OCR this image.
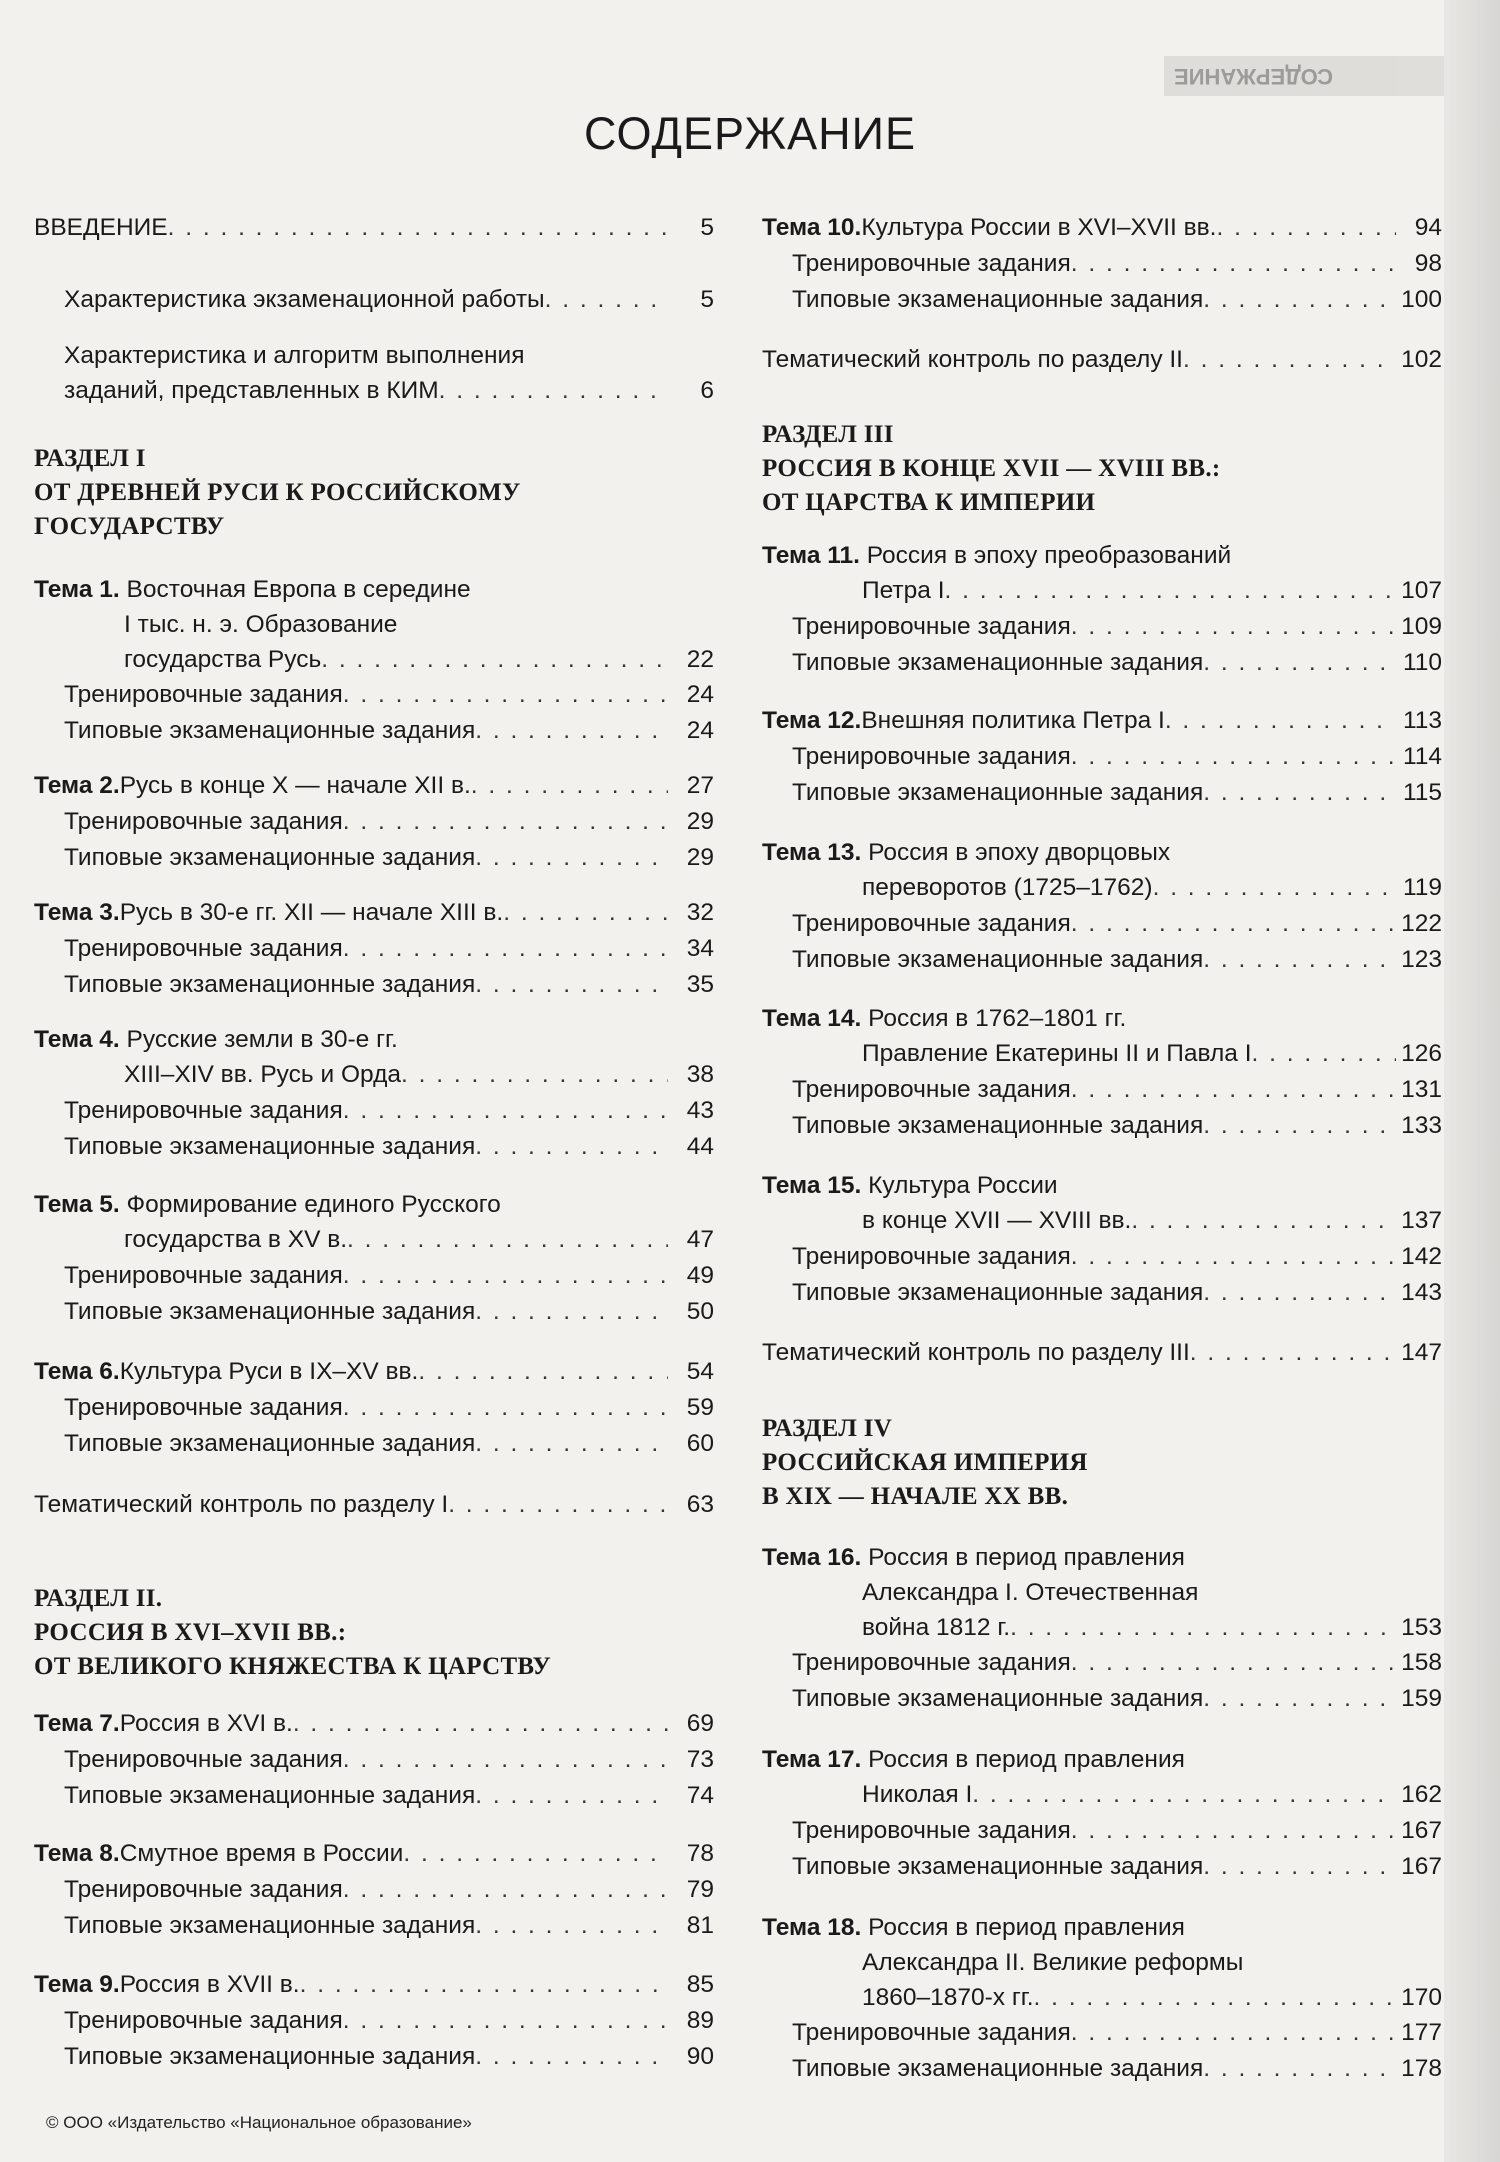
СОДЕРЖАНИЕ
СОДЕРЖАНИЕ
ВВЕДЕНИЕ . . .	5
Характеристика экзаменационной работы . . .	5
Характеристика и алгоритм выполнения
заданий, представленных в КИМ . . .	6
РАЗДЕЛ I
ОТ ДРЕВНЕЙ РУСИ К РОССИЙСКОМУ
ГОСУДАРСТВУ
Тема 1. Восточная Европа в середине
I тыс. н. э. Образование
государства Русь . . .	22
Тренировочные задания . . .	24
Типовые экзаменационные задания . . .	24
Тема 2. Русь в конце X — начале XII в. . . .	27
Тренировочные задания . . .	29
Типовые экзаменационные задания . . .	29
Тема 3. Русь в 30-е гг. XII — начале XIII в. . . .	32
Тренировочные задания . . .	34
Типовые экзаменационные задания . . .	35
Тема 4. Русские земли в 30-е гг.
XIII–XIV вв. Русь и Орда . . .	38
Тренировочные задания . . .	43
Типовые экзаменационные задания . . .	44
Тема 5. Формирование единого Русского
государства в XV в. . . .	47
Тренировочные задания . . .	49
Типовые экзаменационные задания . . .	50
Тема 6. Культура Руси в IX–XV вв. . . .	54
Тренировочные задания . . .	59
Типовые экзаменационные задания . . .	60
Тематический контроль по разделу I . . .	63
РАЗДЕЛ II.
РОССИЯ В XVI–XVII ВВ.:
ОТ ВЕЛИКОГО КНЯЖЕСТВА К ЦАРСТВУ
Тема 7. Россия в XVI в. . . .	69
Тренировочные задания . . .	73
Типовые экзаменационные задания . . .	74
Тема 8. Смутное время в России . . .	78
Тренировочные задания . . .	79
Типовые экзаменационные задания . . .	81
Тема 9. Россия в XVII в. . . .	85
Тренировочные задания . . .	89
Типовые экзаменационные задания . . .	90
Тема 10. Культура России в XVI–XVII вв. . . .	94
Тренировочные задания . . .	98
Типовые экзаменационные задания . . .	100
Тематический контроль по разделу II . . .	102
РАЗДЕЛ III
РОССИЯ В КОНЦЕ XVII — XVIII ВВ.:
ОТ ЦАРСТВА К ИМПЕРИИ
Тема 11. Россия в эпоху преобразований
Петра I . . .	107
Тренировочные задания . . .	109
Типовые экзаменационные задания . . .	110
Тема 12. Внешняя политика Петра I . . .	113
Тренировочные задания . . .	114
Типовые экзаменационные задания . . .	115
Тема 13. Россия в эпоху дворцовых
переворотов (1725–1762) . . .	119
Тренировочные задания . . .	122
Типовые экзаменационные задания . . .	123
Тема 14. Россия в 1762–1801 гг.
Правление Екатерины II и Павла I . . .	126
Тренировочные задания . . .	131
Типовые экзаменационные задания . . .	133
Тема 15. Культура России
в конце XVII — XVIII вв. . . .	137
Тренировочные задания . . .	142
Типовые экзаменационные задания . . .	143
Тематический контроль по разделу III . . .	147
РАЗДЕЛ IV
РОССИЙСКАЯ ИМПЕРИЯ
В XIX — НАЧАЛЕ XX ВВ.
Тема 16. Россия в период правления
Александра I. Отечественная
война 1812 г. . . .	153
Тренировочные задания . . .	158
Типовые экзаменационные задания . . .	159
Тема 17. Россия в период правления
Николая I . . .	162
Тренировочные задания . . .	167
Типовые экзаменационные задания . . .	167
Тема 18. Россия в период правления
Александра II. Великие реформы
1860–1870-х гг. . . .	170
Тренировочные задания . . .	177
Типовые экзаменационные задания . . .	178
© ООО «Издательство «Национальное образование»
